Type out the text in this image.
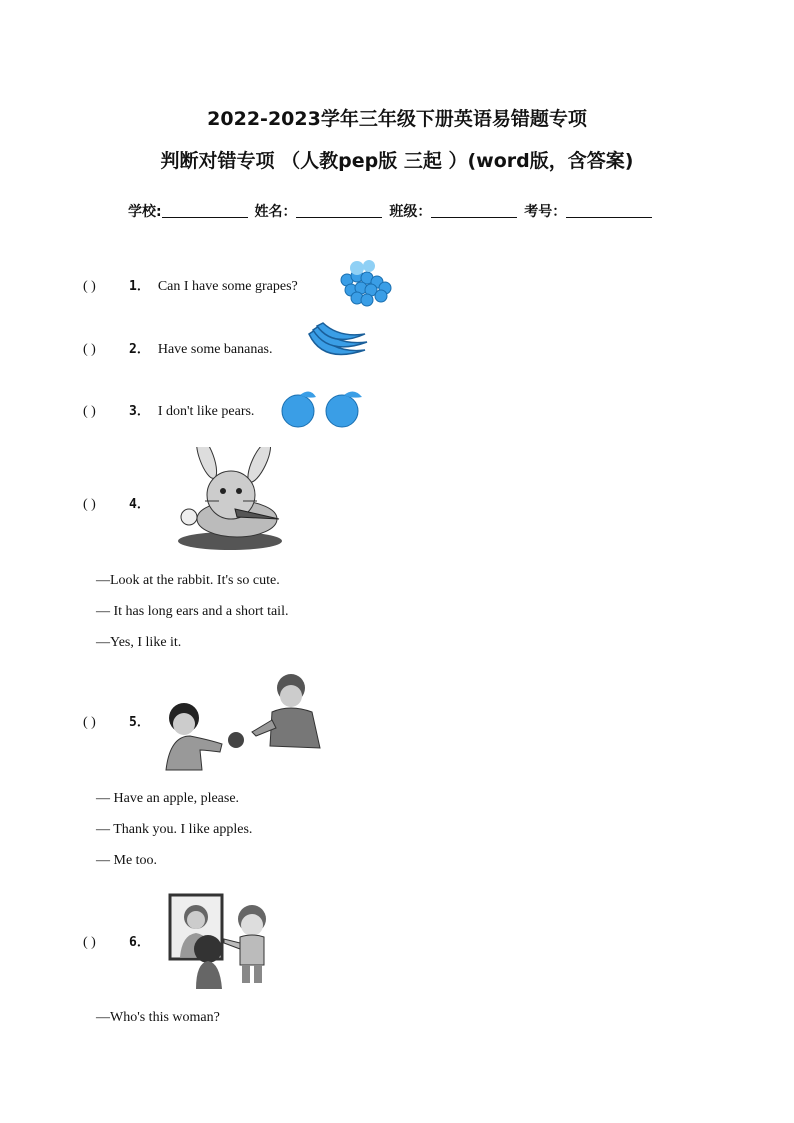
2022-2023学年三年级下册英语易错题专项
判断对错专项 （人教pep版 三起 ）(word版，含答案)
学校:	姓名：	班级：	考号：
( )	1． Can I have some grapes?
( )	2． Have some bananas.
( )	3． I don't like pears.
( )	4．
—Look at the rabbit. It's so cute.
— It has long ears and a short tail.
—Yes, I like it.
( )	5．
— Have an apple, please.
— Thank you. I like apples.
— Me too.
( )	6．
—Who's this woman?
